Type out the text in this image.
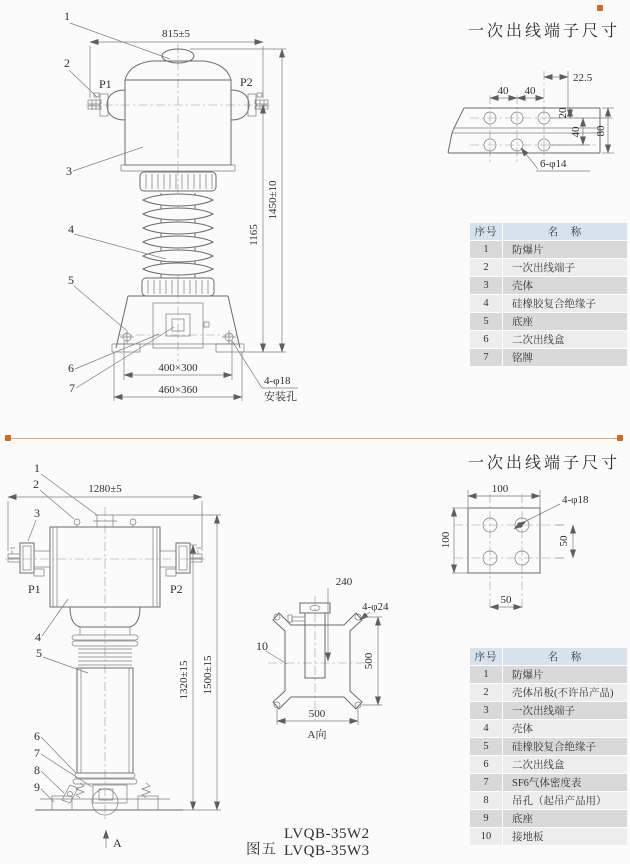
815±5
1450±10
1165
400×300
460×360
4-φ18
安装孔
1
2
3
4
5
6
7
P1	P2
一次出线端子尺寸
40 40
22.5
20
40 80
6-φ14
序号	名　称
1	防爆片
2	一次出线端子
3	壳体
4	硅橡胶复合绝缘子
5	底座
6	二次出线盒
7	铭牌
1280±5
1320±15 1500±15
A
1
2
3
4
5
6
7
8
9
P1	P2	240
4-φ24
10
500
500
A向
一次出线端子尺寸
100
100
4-φ18
50
50
序号	名　称
1	防爆片
2	壳体吊板(不许吊产品)
3	一次出线端子
4	壳体
5	硅橡胶复合绝缘子
6	二次出线盒
7	SF6气体密度表
8	吊孔（起吊产品用）
9	底座
10	接地板
图五
LVQB-35W2
LVQB-35W3
